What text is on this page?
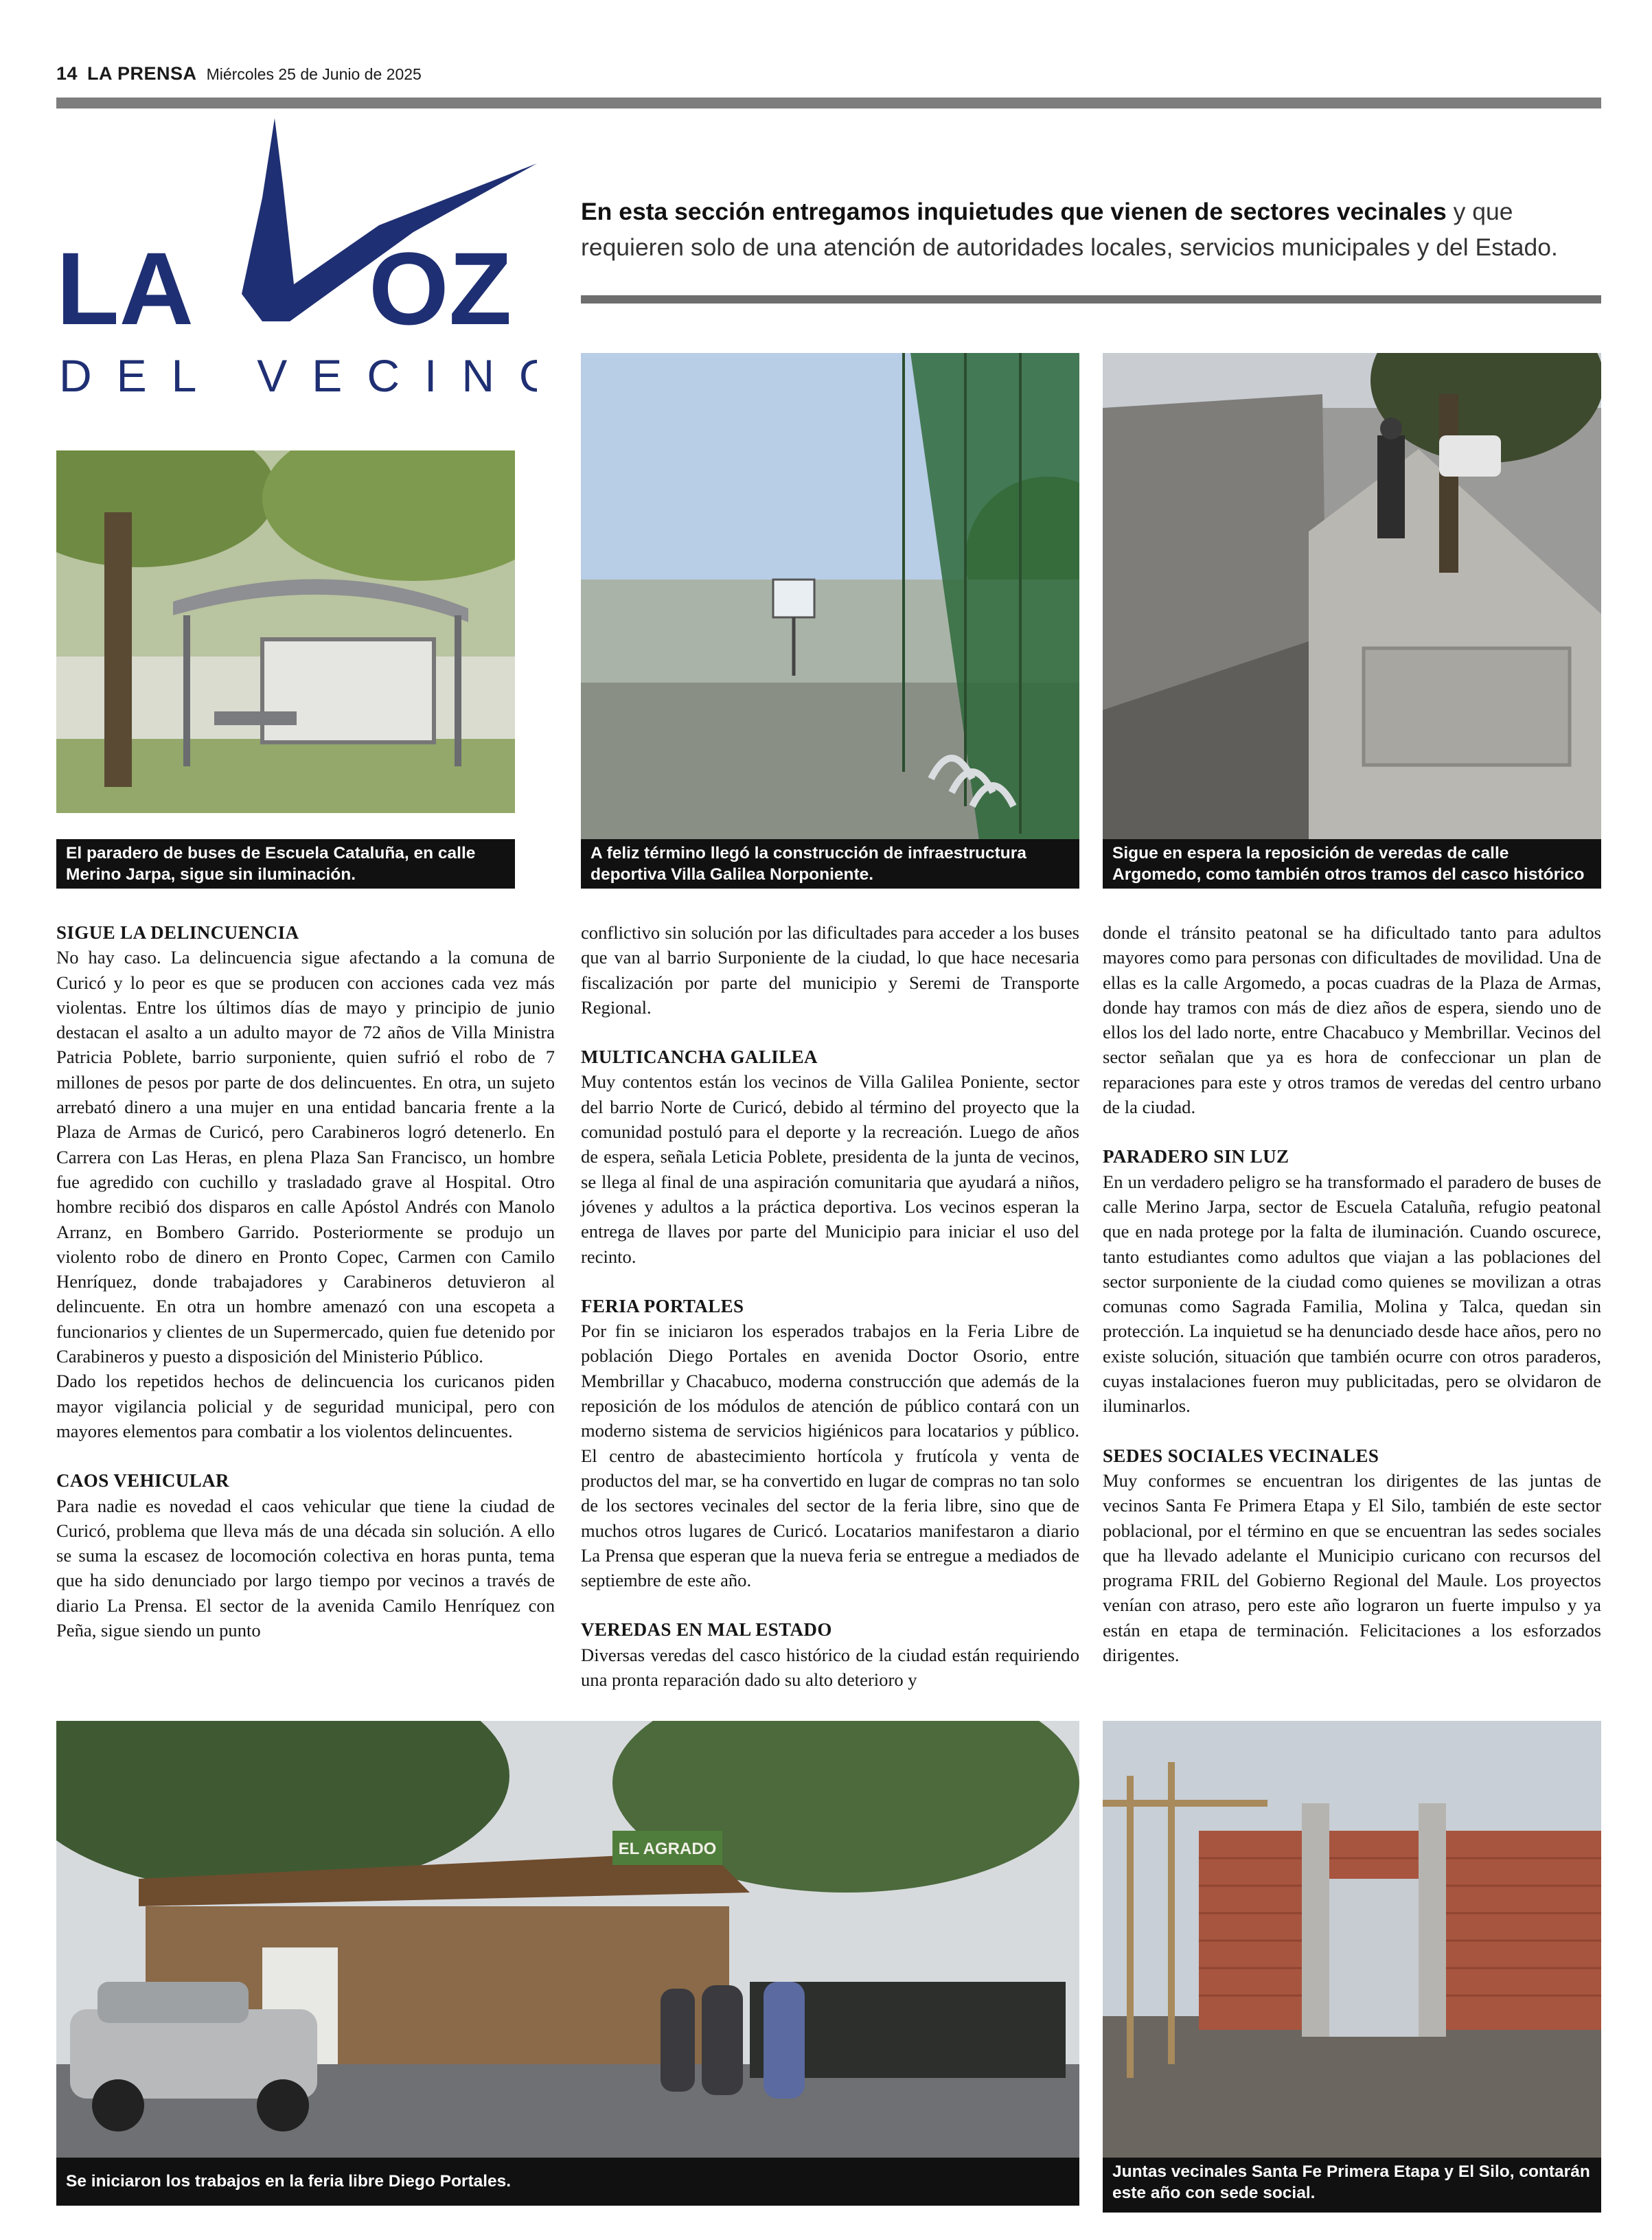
14 LA PRENSA Miércoles 25 de Junio de 2025
LA OZ
DEL VECINO
En esta sección entregamos inquietudes que vienen de sectores vecinales y que requieren solo de una atención de autoridades locales, servicios municipales y del Estado.
El paradero de buses de Escuela Cataluña, en calle Merino Jarpa, sigue sin iluminación.
A feliz término llegó la construcción de infraestructura deportiva Villa Galilea Norponiente.
Sigue en espera la reposición de veredas de calle Argomedo, como también otros tramos del casco histórico de Curicó.
SIGUE LA DELINCUENCIA

No hay caso. La delincuencia sigue afectando a la comuna de Curicó y lo peor es que se producen con acciones cada vez más violentas. Entre los últimos días de mayo y principio de junio destacan el asalto a un adulto mayor de 72 años de Villa Ministra Patricia Poblete, barrio surponiente, quien sufrió el robo de 7 millones de pesos por parte de dos delincuentes. En otra, un sujeto arrebató dinero a una mujer en una entidad bancaria frente a la Plaza de Armas de Curicó, pero Carabineros logró detenerlo. En Carrera con Las Heras, en plena Plaza San Francisco, un hombre fue agredido con cuchillo y trasladado grave al Hospital. Otro hombre recibió dos disparos en calle Apóstol Andrés con Manolo Arranz, en Bombero Garrido. Posteriormente se produjo un violento robo de dinero en Pronto Copec, Carmen con Camilo Henríquez, donde trabajadores y Carabineros detuvieron al delincuente. En otra un hombre amenazó con una escopeta a funcionarios y clientes de un Supermercado, quien fue detenido por Carabineros y puesto a disposición del Ministerio Público.

Dado los repetidos hechos de delincuencia los curicanos piden mayor vigilancia policial y de seguridad municipal, pero con mayores elementos para combatir a los violentos delincuentes.

CAOS VEHICULAR

Para nadie es novedad el caos vehicular que tiene la ciudad de Curicó, problema que lleva más de una década sin solución. A ello se suma la escasez de locomoción colectiva en horas punta, tema que ha sido denunciado por largo tiempo por vecinos a través de diario La Prensa. El sector de la avenida Camilo Henríquez con Peña, sigue siendo un punto

conflictivo sin solución por las dificultades para acceder a los buses que van al barrio Surponiente de la ciudad, lo que hace necesaria fiscalización por parte del municipio y Seremi de Transporte Regional.

MULTICANCHA GALILEA

Muy contentos están los vecinos de Villa Galilea Poniente, sector del barrio Norte de Curicó, debido al término del proyecto que la comunidad postuló para el deporte y la recreación. Luego de años de espera, señala Leticia Poblete, presidenta de la junta de vecinos, se llega al final de una aspiración comunitaria que ayudará a niños, jóvenes y adultos a la práctica deportiva. Los vecinos esperan la entrega de llaves por parte del Municipio para iniciar el uso del recinto.

FERIA PORTALES

Por fin se iniciaron los esperados trabajos en la Feria Libre de población Diego Portales en avenida Doctor Osorio, entre Membrillar y Chacabuco, moderna construcción que además de la reposición de los módulos de atención de público contará con un moderno sistema de servicios higiénicos para locatarios y público. El centro de abastecimiento hortícola y frutícola y venta de productos del mar, se ha convertido en lugar de compras no tan solo de los sectores vecinales del sector de la feria libre, sino que de muchos otros lugares de Curicó. Locatarios manifestaron a diario La Prensa que esperan que la nueva feria se entregue a mediados de septiembre de este año.

VEREDAS EN MAL ESTADO

Diversas veredas del casco histórico de la ciudad están requiriendo una pronta reparación dado su alto deterioro y

donde el tránsito peatonal se ha dificultado tanto para adultos mayores como para personas con dificultades de movilidad. Una de ellas es la calle Argomedo, a pocas cuadras de la Plaza de Armas, donde hay tramos con más de diez años de espera, siendo uno de ellos los del lado norte, entre Chacabuco y Membrillar. Vecinos del sector señalan que ya es hora de confeccionar un plan de reparaciones para este y otros tramos de veredas del centro urbano de la ciudad.

PARADERO SIN LUZ

En un verdadero peligro se ha transformado el paradero de buses de calle Merino Jarpa, sector de Escuela Cataluña, refugio peatonal que en nada protege por la falta de iluminación. Cuando oscurece, tanto estudiantes como adultos que viajan a las poblaciones del sector surponiente de la ciudad como quienes se movilizan a otras comunas como Sagrada Familia, Molina y Talca, quedan sin protección. La inquietud se ha denunciado desde hace años, pero no existe solución, situación que también ocurre con otros paraderos, cuyas instalaciones fueron muy publicitadas, pero se olvidaron de iluminarlos.

SEDES SOCIALES VECINALES

Muy conformes se encuentran los dirigentes de las juntas de vecinos Santa Fe Primera Etapa y El Silo, también de este sector poblacional, por el término en que se encuentran las sedes sociales que ha llevado adelante el Municipio curicano con recursos del programa FRIL del Gobierno Regional del Maule. Los proyectos venían con atraso, pero este año lograron un fuerte impulso y ya están en etapa de terminación. Felicitaciones a los esforzados dirigentes.

EL AGRADO
Se iniciaron los trabajos en la feria libre Diego Portales.
Juntas vecinales Santa Fe Primera Etapa y El Silo, contarán este año con sede social.
